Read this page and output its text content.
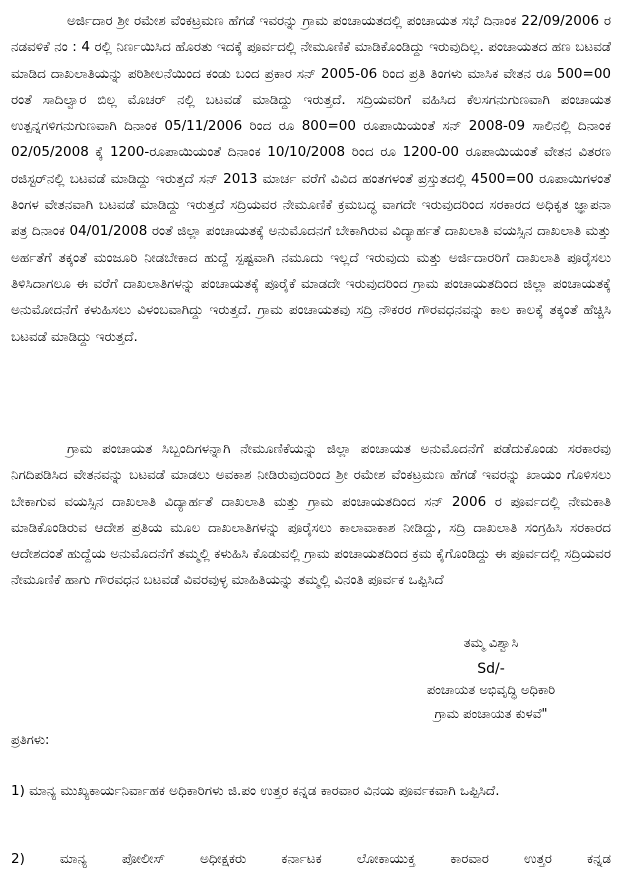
ಅರ್ಜಿದಾರ ಶ್ರೀ ರಮೇಶ ವೆಂಕಟ್ರಮಣ ಹೆಗಡೆ ಇವರನ್ನು ಗ್ರಾಮ ಪಂಚಾಯತದಲ್ಲಿ ಪಂಚಾಯತ ಸಭೆ ದಿನಾಂಕ 22/09/2006 ರ ನಡವಳಿಕೆ ನಂ : 4 ರಲ್ಲಿ ನಿರ್ಣಯಿಸಿದ ಹೊರತು ಇದಕ್ಕೆ ಪೂರ್ವದಲ್ಲಿ ನೇಮೂಣಿಕೆ ಮಾಡಿಕೊಂಡಿದ್ದು ಇರುವುದಿಲ್ಲ. ಪಂಚಾಯತದ ಹಣ ಬಟವಡೆ ಮಾಡಿದ ದಾಖಲಾತಿಯನ್ನು ಪರಿಶೀಲನೆಯಿಂದ ಕಂಡು ಬಂದ ಪ್ರಕಾರ ಸನ್ 2005-06 ರಿಂದ ಪ್ರತಿ ತಿಂಗಳು ಮಾಸಿಕ ವೇತನ ರೂ 500=00 ರಂತೆ ಸಾದಿಲ್ವಾರ ಬಿಲ್ಲ ಮೊಚರ್ ನಲ್ಲಿ ಬಟವಡೆ ಮಾಡಿದ್ದು ಇರುತ್ತದೆ. ಸದ್ರಿಯವರಿಗೆ ವಹಿಸಿದ ಕೆಲಸಗನುಗುಣವಾಗಿ ಪಂಚಾಯತ ಉತ್ಪನ್ನಗಳಿಗನುಗುಣವಾಗಿ ದಿನಾಂಕ 05/11/2006 ರಿಂದ ರೂ 800=00 ರೂಪಾಯಿಯಂತೆ ಸನ್ 2008-09 ಸಾಲಿನಲ್ಲಿ ದಿನಾಂಕ 02/05/2008 ಕ್ಕೆ 1200-ರೂಪಾಯಿಯಂತೆ ದಿನಾಂಕ 10/10/2008 ರಿಂದ ರೂ 1200-00 ರೂಪಾಯಿಯಂತೆ ವೇತನ ವಿತರಣ ರಜಿಸ್ಟರ್‌ನಲ್ಲಿ ಬಟವಡೆ ಮಾಡಿದ್ದು ಇರುತ್ತದೆ ಸನ್ 2013 ಮಾರ್ಚ ವರೆಗೆ ವಿವಿದ ಹಂತಗಳಂತೆ ಪ್ರಸ್ತುತದಲ್ಲಿ 4500=00 ರೂಪಾಯಿಗಳಂತೆ ತಿಂಗಳ ವೇತನವಾಗಿ ಬಟವಡೆ ಮಾಡಿದ್ದು ಇರುತ್ತದೆ ಸದ್ರಿಯವರ ನೇಮೂಣಿಕೆ ಕ್ರಮಬದ್ಧ ವಾಗದೇ ಇರುವುದರಿಂದ ಸರಕಾರದ ಅಧಿಕೃತ ಜ್ಞಾಪನಾ ಪತ್ರ ದಿನಾಂಕ 04/01/2008 ರಂತೆ ಜಿಲ್ಲಾ ಪಂಚಾಯತಕ್ಕೆ ಅನುಮೊದನಗೆ ಬೇಕಾಗಿರುವ ವಿದ್ಯಾರ್ಹತೆ ದಾಖಲಾತಿ ವಯಸ್ಸಿನ ದಾಖಲಾತಿ ಮತ್ತು ಅರ್ಹತೆಗೆ ತಕ್ಕಂತೆ ಮಂಜೂರಿ ನೀಡಬೇಕಾದ ಹುದ್ದೆ ಸ್ಪಷ್ಟವಾಗಿ ನಮೂದು ಇಲ್ಲದೆ ಇರುವುದು ಮತ್ತು ಅರ್ಜಿದಾರರಿಗೆ ದಾಖಲಾತಿ ಪೂರೈಸಲು ತಿಳಿಸಿದಾಗಲೂ ಈ ವರೆಗೆ ದಾಖಲಾತಿಗಳನ್ನು ಪಂಚಾಯತಕ್ಕೆ ಪೂರೈಕೆ ಮಾಡದೇ ಇರುವುದರಿಂದ ಗ್ರಾಮ ಪಂಚಾಯತದಿಂದ ಜಿಲ್ಲಾ ಪಂಚಾಯತಕ್ಕೆ ಅನುಮೋದನೆಗೆ ಕಳುಹಿಸಲು ವಿಳಂಬವಾಗಿದ್ದು ಇರುತ್ತದೆ. ಗ್ರಾಮ ಪಂಚಾಯತವು ಸದ್ರಿ ನೌಕರರ ಗೌರವಧನವನ್ನು ಕಾಲ ಕಾಲಕ್ಕೆ ತಕ್ಕಂತೆ ಹೆಚ್ಚಿಸಿ ಬಟವಡೆ ಮಾಡಿದ್ದು ಇರುತ್ತದೆ.

ಗ್ರಾಮ ಪಂಚಾಯತ ಸಿಬ್ಬಂದಿಗಳನ್ನಾಗಿ ನೇಮೂಣಿಕೆಯನ್ನು ಜಿಲ್ಲಾ ಪಂಚಾಯತ ಅನುಮೊದನೆಗೆ ಪಡೆದುಕೊಂಡು ಸರಕಾರವು ನಿಗದಿಪಡಿಸಿದ ವೇತನವನ್ನು ಬಟವಡೆ ಮಾಡಲು ಅವಕಾಶ ನೀಡಿರುವುದರಿಂದ ಶ್ರೀ ರಮೇಶ ವೆಂಕಟ್ರಮಣ ಹೆಗಡೆ ಇವರನ್ನು ಖಾಯಂ ಗೊಳಿಸಲು ಬೇಕಾಗುವ ವಯಸ್ಸಿನ ದಾಖಲಾತಿ ವಿದ್ಯಾರ್ಹತೆ ದಾಖಲಾತಿ ಮತ್ತು ಗ್ರಾಮ ಪಂಚಾಯತದಿಂದ ಸನ್ 2006 ರ ಪೂರ್ವದಲ್ಲಿ ನೇಮಕಾತಿ ಮಾಡಿಕೊಂಡಿರುವ ಆದೇಶ ಪ್ರತಿಯ ಮೂಲ ದಾಖಲಾತಿಗಳನ್ನು ಪೂರೈಸಲು ಕಾಲಾವಾಕಾಶ ನೀಡಿದ್ದು, ಸದ್ರಿ ದಾಖಲಾತಿ ಸಂಗ್ರಹಿಸಿ ಸರಕಾರದ ಆದೇಶದಂತೆ ಹುದ್ದೆಯ ಅನುಮೊದನೆಗೆ ತಮ್ಮಲ್ಲಿ ಕಳುಹಿಸಿ ಕೊಡುವಲ್ಲಿ ಗ್ರಾಮ ಪಂಚಾಯತದಿಂದ ಕ್ರಮ ಕೈಗೊಂಡಿದ್ದು ಈ ಪೂರ್ವದಲ್ಲಿ ಸದ್ರಿಯವರ ನೇಮೂಣಿಕೆ ಹಾಗು ಗೌರವಧನ ಬಟವಡೆ ವಿವರವುಳ್ಳ ಮಾಹಿತಿಯನ್ನು ತಮ್ಮಲ್ಲಿ ವಿನಂತಿ ಪೂರ್ವಕ ಒಪ್ಪಿಸಿದೆ

ತಮ್ಮ ವಿಶ್ವಾಸಿ
Sd/-
ಪಂಚಾಯತ ಅಭಿವೃದ್ಧಿ ಅಧಿಕಾರಿ
ಗ್ರಾಮ ಪಂಚಾಯತ ಕುಳವೆ"
ಪ್ರತಿಗಳು:
1) ಮಾನ್ಯ ಮುಖ್ಯಕಾರ್ಯನಿರ್ವಾಹಕ ಅಧಿಕಾರಿಗಳು ಜಿ.ಪಂ ಉತ್ತರ ಕನ್ನಡ ಕಾರವಾರ ವಿನಯ ಪೂರ್ವಕವಾಗಿ ಒಪ್ಪಿಸಿದೆ.
2) ಮಾನ್ಯ ಪೋಲೀಸ್ ಅಧೀಕ್ಷಕರು ಕರ್ನಾಟಕ ಲೋಕಾಯುಕ್ತ ಕಾರವಾರ ಉತ್ತರ ಕನ್ನಡ
